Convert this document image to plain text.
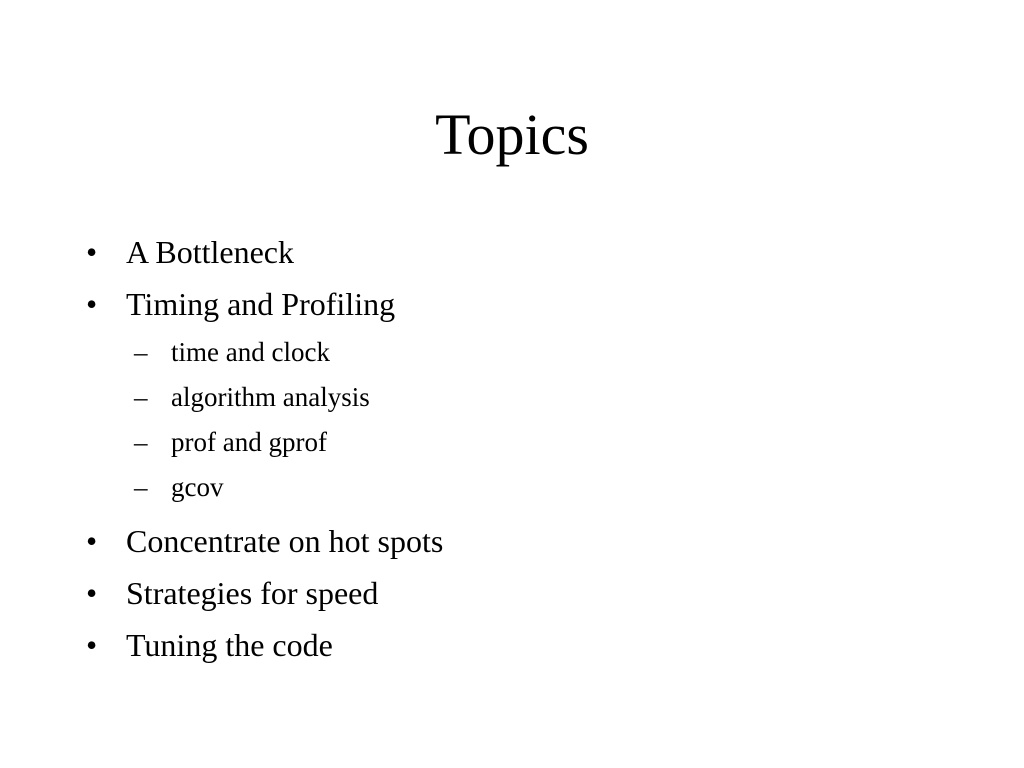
Topics
• A Bottleneck
• Timing and Profiling
– time and clock
– algorithm analysis
– prof and gprof
– gcov
• Concentrate on hot spots
• Strategies for speed
• Tuning the code
